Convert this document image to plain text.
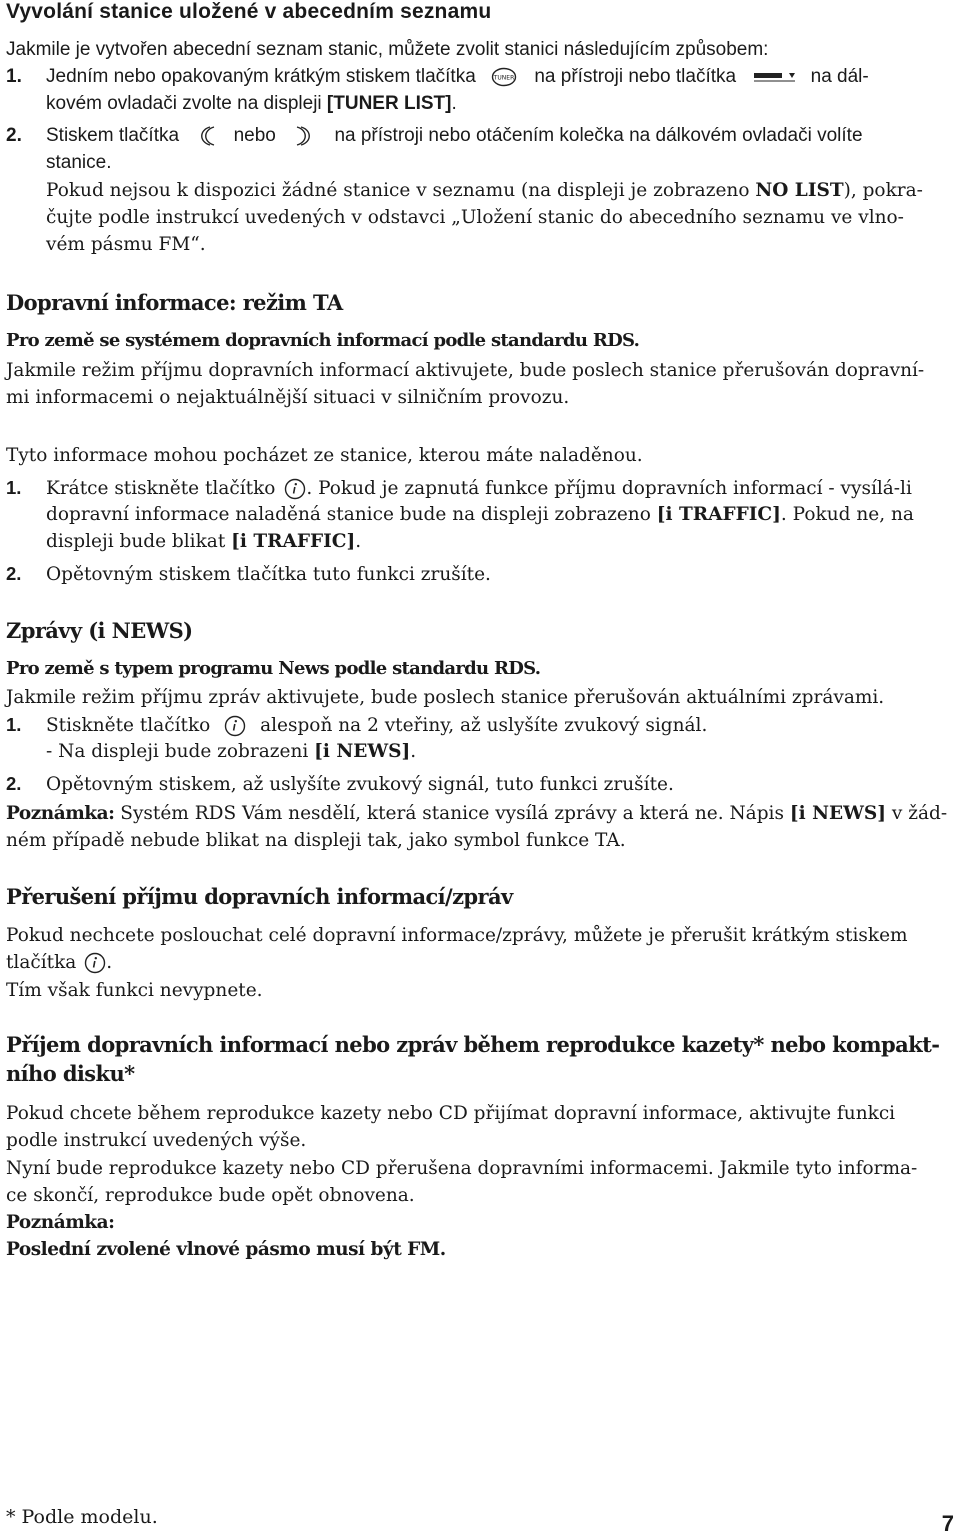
Vyvolání stanice uložené v abecedním seznamu
Jakmile je vytvořen abecední seznam stanic, můžete zvolit stanici následujícím způsobem:
1. Jedním nebo opakovaným krátkým stiskem tlačítka	TUNER na přístroji nebo tlačítka	na dál-
kovém ovladači zvolte na displeji [TUNER LIST].
2. Stiskem tlačítka	nebo	na přístroji nebo otáčením kolečka na dálkovém ovladači volíte
stanice.
Pokud nejsou k dispozici žádné stanice v seznamu (na displeji je zobrazeno NO LIST), pokra-
čujte podle instrukcí uvedených v odstavci „Uložení stanic do abecedního seznamu ve vlno-
vém pásmu FM“.
Dopravní informace: režim TA
Pro země se systémem dopravních informací podle standardu RDS.
Jakmile režim příjmu dopravních informací aktivujete, bude poslech stanice přerušován dopravní-
mi informacemi o nejaktuálnější situaci v silničním provozu.
Tyto informace mohou pocházet ze stanice, kterou máte naladěnou.
1. Krátce stiskněte tlačítko . Pokud je zapnutá funkce příjmu dopravních informací - vysílá-li
dopravní informace naladěná stanice bude na displeji zobrazeno [i TRAFFIC]. Pokud ne, na
displeji bude blikat [i TRAFFIC].
2. Opětovným stiskem tlačítka tuto funkci zrušíte.
Zprávy (i NEWS)
Pro země s typem programu News podle standardu RDS.
Jakmile režim příjmu zpráv aktivujete, bude poslech stanice přerušován aktuálními zprávami.
1. Stiskněte tlačítko	alespoň na 2 vteřiny, až uslyšíte zvukový signál.
- Na displeji bude zobrazeni [i NEWS].
2. Opětovným stiskem, až uslyšíte zvukový signál, tuto funkci zrušíte.
Poznámka: Systém RDS Vám nesdělí, která stanice vysílá zprávy a která ne. Nápis [i NEWS] v žád-
ném případě nebude blikat na displeji tak, jako symbol funkce TA.
Přerušení příjmu dopravních informací/zpráv
Pokud nechcete poslouchat celé dopravní informace/zprávy, můžete je přerušit krátkým stiskem
tlačítka .
Tím však funkci nevypnete.
Příjem dopravních informací nebo zpráv během reprodukce kazety* nebo kompakt-
ního disku*
Pokud chcete během reprodukce kazety nebo CD přijímat dopravní informace, aktivujte funkci
podle instrukcí uvedených výše.
Nyní bude reprodukce kazety nebo CD přerušena dopravními informacemi. Jakmile tyto informa-
ce skončí, reprodukce bude opět obnovena.
Poznámka:
Poslední zvolené vlnové pásmo musí být FM.
* Podle modelu.	7
